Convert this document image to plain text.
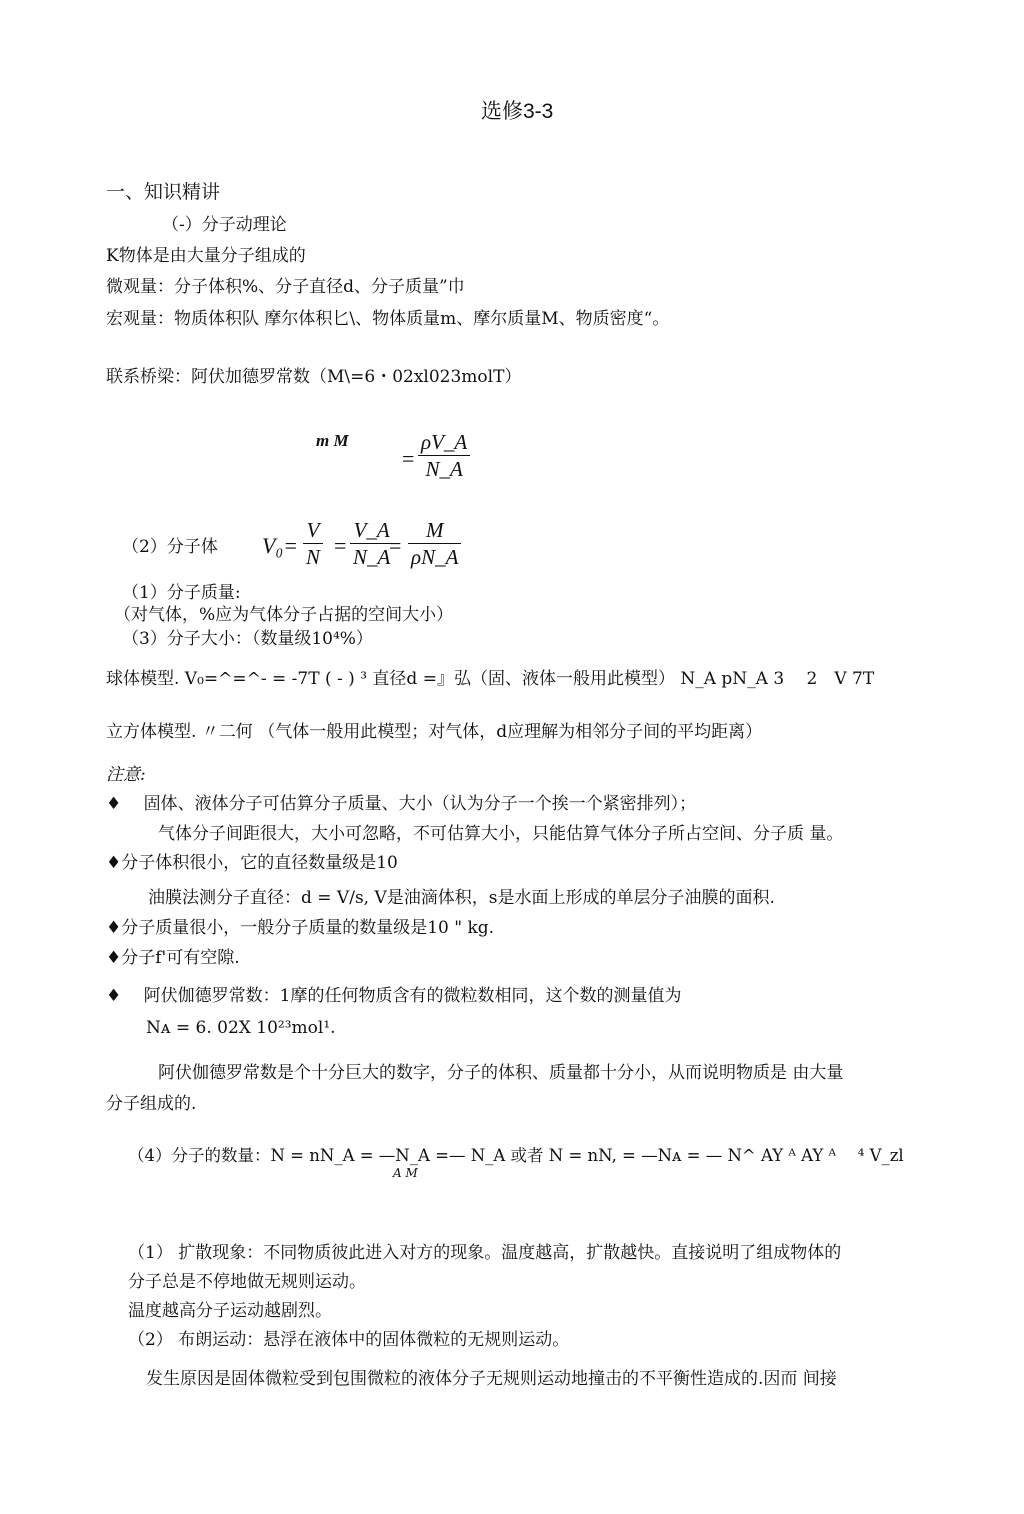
选修3-3
一、知识精讲
（-）分子动理论
K物体是由大量分子组成的
微观量：分子体积%、分子直径d、分子质量”巾
宏观量：物质体积队 摩尔体积匕\、物体质量m、摩尔质量M、物质密度“。
联系桥梁：阿伏加德罗常数（M\=6・02xl023molT）
m M
=
ρV_A
N_A
（2）分子体 V₀=
V
N =
V_A
N_A
=
M
ρN_A
（1）分子质量:
（对气体，%应为气体分子占据的空间大小）
（3）分子大小：（数量级10⁴%）
球体模型. V₀=^=^- = -7T ( - ) ³ 直径d =』弘（固、液体一般用此模型） N_A pN_A 3　 2　V 7T
立方体模型. 〃二何 （气体一般用此模型；对气体，d应理解为相邻分子间的平均距离）
注意:
♦　 固体、液体分子可估算分子质量、大小（认为分子一个挨一个紧密排列）；
气体分子间距很大，大小可忽略，不可估算大小，只能估算气体分子所占空间、分子质 量。
♦分子体积很小，它的直径数量级是10
油膜法测分子直径：d = V/s, V是油滴体积，s是水面上形成的单层分子油膜的面积.
♦分子质量很小，一般分子质量的数量级是10 " kg.
♦分子f'可有空隙.
♦　 阿伏伽德罗常数：1摩的任何物质含有的微粒数相同，这个数的测量值为
Nᴀ = 6. 02X 10²³mol¹.
阿伏伽德罗常数是个十分巨大的数字，分子的体积、质量都十分小，从而说明物质是 由大量
分子组成的.
（4）分子的数量：N = nN_A = —N_A =— N_A 或者 N = nN, = —Nᴀ = — N^ AY ᴬ AY ᴬ　 ⁴ V_zl
A M
（1） 扩散现象：不同物质彼此进入对方的现象。温度越高，扩散越快。直接说明了组成物体的
分子总是不停地做无规则运动。
温度越高分子运动越剧烈。
（2） 布朗运动：悬浮在液体中的固体微粒的无规则运动。
发生原因是固体微粒受到包围微粒的液体分子无规则运动地撞击的不平衡性造成的.因而 间接
